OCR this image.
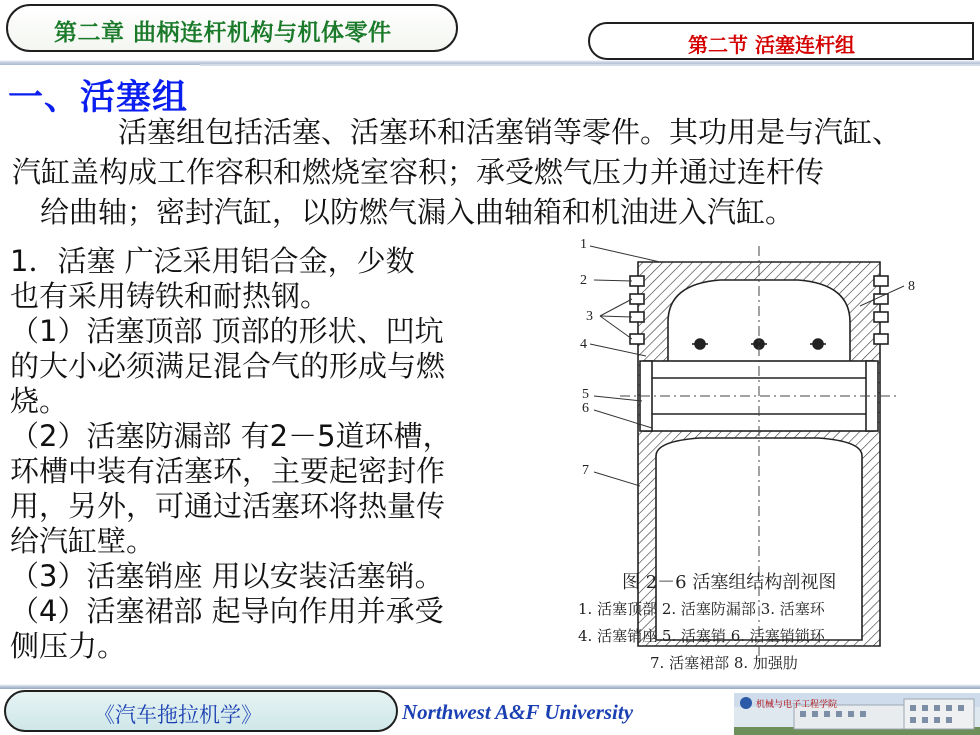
第二章 曲柄连杆机构与机体零件	第二节 活塞连杆组
一、活塞组
活塞组包括活塞、活塞环和活塞销等零件。其功用是与汽缸、
汽缸盖构成工作容积和燃烧室容积；承受燃气压力并通过连杆传
给曲轴；密封汽缸，以防燃气漏入曲轴箱和机油进入汽缸。
1．活塞 广泛采用铝合金，少数
也有采用铸铁和耐热钢。
（1）活塞顶部 顶部的形状、凹坑
的大小必须满足混合气的形成与燃
烧。
（2）活塞防漏部 有2－5道环槽，
环槽中装有活塞环，主要起密封作
用，另外，可通过活塞环将热量传
给汽缸壁。
（3）活塞销座 用以安装活塞销。
（4）活塞裙部 起导向作用并承受
侧压力。
1
2
3
4
5
6
7
8
图 2－6 活塞组结构剖视图
1. 活塞顶部 2. 活塞防漏部 3. 活塞环
4. 活塞销座 5. 活塞销 6. 活塞销锁环
7. 活塞裙部 8. 加强肋
《汽车拖拉机学》	Northwest A&F University	机械与电子工程学院
